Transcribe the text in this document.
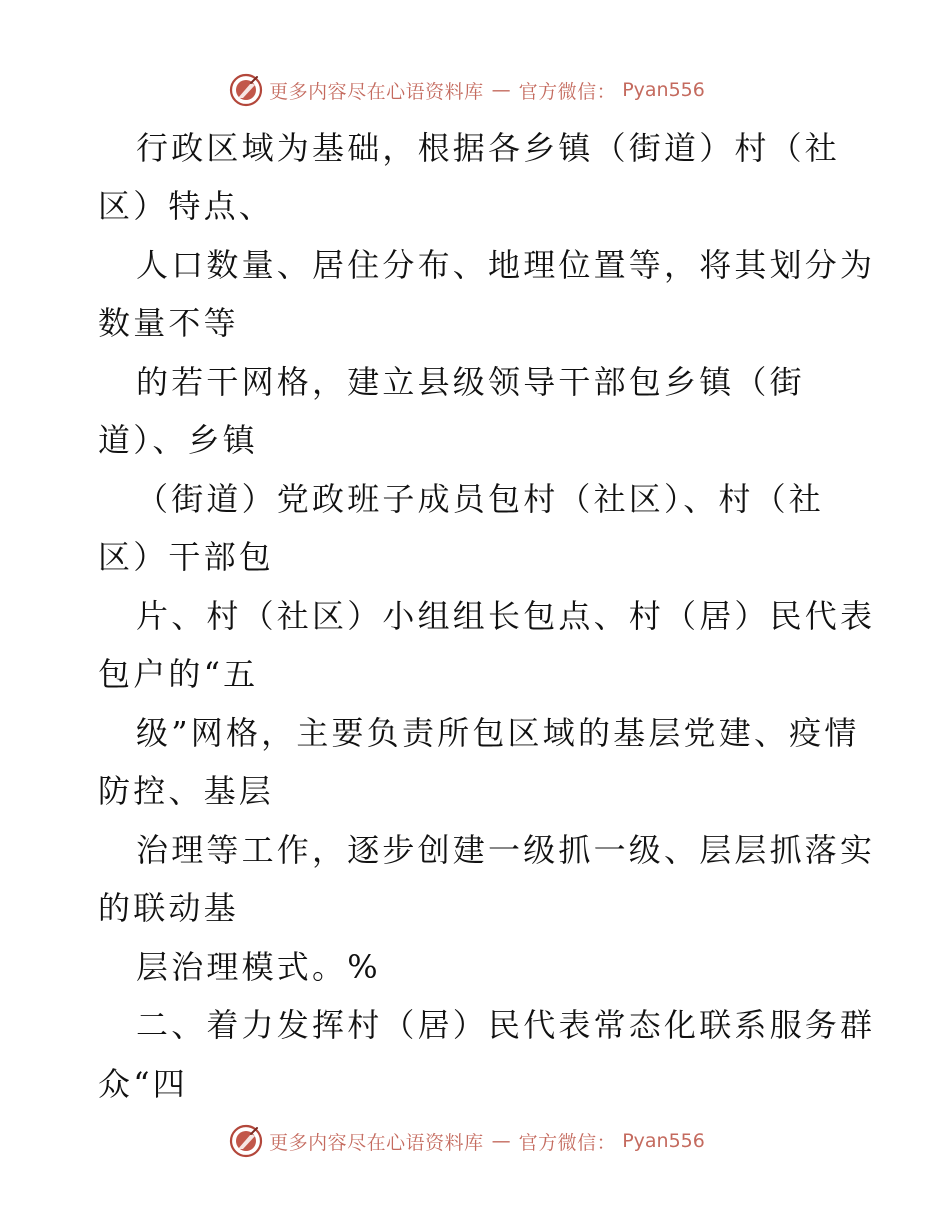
更多内容尽在心语资料库 — 官方微信： Pyan556
行政区域为基础，根据各乡镇（街道）村（社
区）特点、
人口数量、居住分布、地理位置等，将其划分为
数量不等
的若干网格，建立县级领导干部包乡镇（街
道）、乡镇
（街道）党政班子成员包村（社区）、村（社
区）干部包
片、村（社区）小组组长包点、村（居）民代表
包户的“五
级”网格，主要负责所包区域的基层党建、疫情
防控、基层
治理等工作，逐步创建一级抓一级、层层抓落实
的联动基
层治理模式。%
二、着力发挥村（居）民代表常态化联系服务群
众“四
更多内容尽在心语资料库 — 官方微信： Pyan556
